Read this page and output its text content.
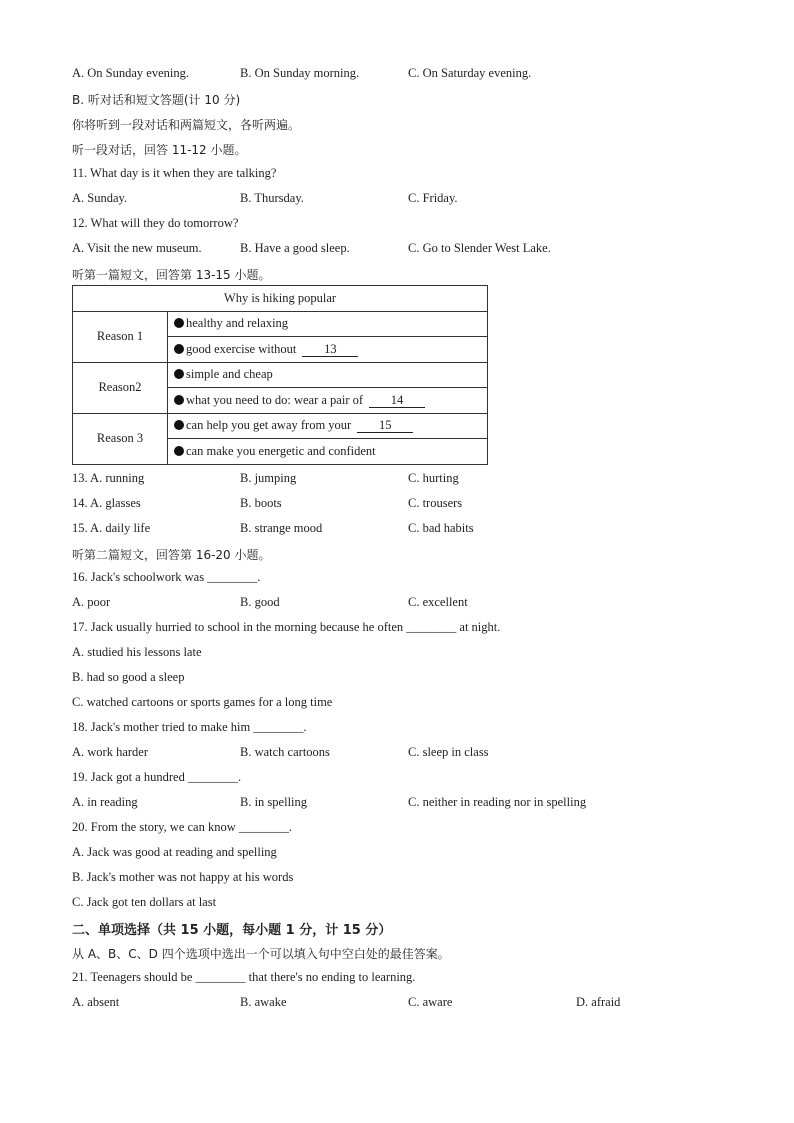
A. On Sunday evening.	B. On Sunday morning.	C. On Saturday evening.
B. 听对话和短文答题(计 10 分)
你将听到一段对话和两篇短文，各听两遍。
听一段对话，回答 11-12 小题。
11. What day is it when they are talking?
A. Sunday.	B. Thursday.	C. Friday.
12. What will they do tomorrow?
A. Visit the new museum.	B. Have a good sleep.	C. Go to Slender West Lake.
听第一篇短文，回答第 13-15 小题。
Why is hiking popular	
Reason 1	healthy and relaxing
	good exercise without 13
Reason2	simple and cheap
	what you need to do: wear a pair of 14
Reason 3	can help you get away from your 15
	can make you energetic and confident
13. A. running	B. jumping	C. hurting
14. A. glasses	B. boots	C. trousers
15. A. daily life	B. strange mood	C. bad habits
听第二篇短文，回答第 16-20 小题。
16. Jack's schoolwork was ________.
A. poor	B. good	C. excellent
17. Jack usually hurried to school in the morning because he often ________ at night.
A. studied his lessons late
B. had so good a sleep
C. watched cartoons or sports games for a long time
18. Jack's mother tried to make him ________.
A. work harder	B. watch cartoons	C. sleep in class
19. Jack got a hundred ________.
A. in reading	B. in spelling	C. neither in reading nor in spelling
20. From the story, we can know ________.
A. Jack was good at reading and spelling
B. Jack's mother was not happy at his words
C. Jack got ten dollars at last
二、单项选择（共 15 小题，每小题 1 分，计 15 分）
从 A、B、C、D 四个选项中选出一个可以填入句中空白处的最佳答案。
21. Teenagers should be ________ that there's no ending to learning.
A. absent	B. awake	C. aware	D. afraid
